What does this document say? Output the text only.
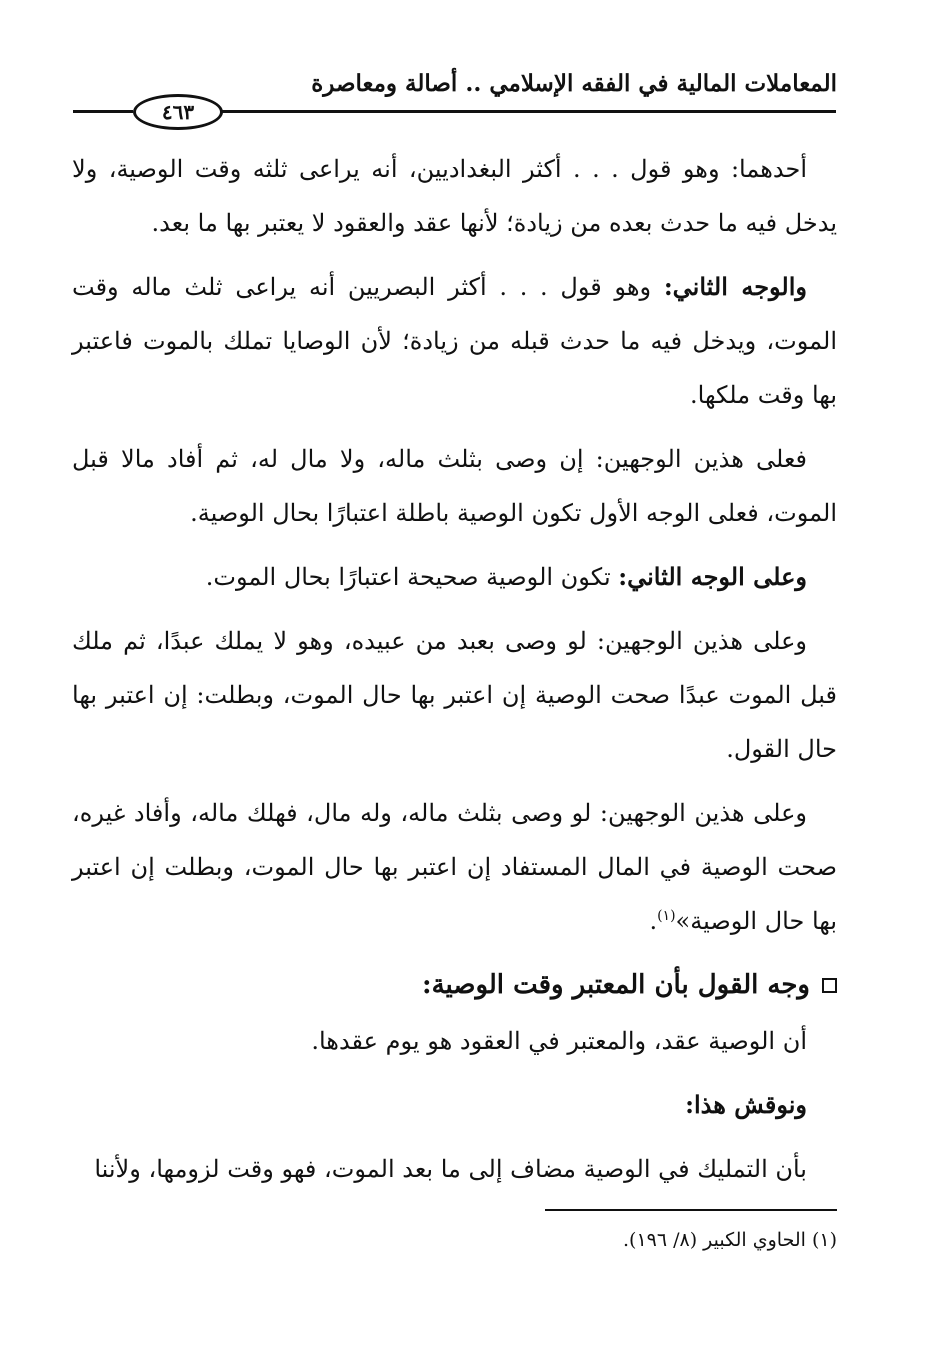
المعاملات المالية في الفقه الإسلامي .. أصالة ومعاصرة
٤٦٣

أحدهما: وهو قول . . . أكثر البغداديين، أنه يراعى ثلثه وقت الوصية، ولا يدخل فيه ما حدث بعده من زيادة؛ لأنها عقد والعقود لا يعتبر بها ما بعد.

والوجه الثاني: وهو قول . . . أكثر البصريين أنه يراعى ثلث ماله وقت الموت، ويدخل فيه ما حدث قبله من زيادة؛ لأن الوصايا تملك بالموت فاعتبر بها وقت ملكها.

فعلى هذين الوجهين: إن وصى بثلث ماله، ولا مال له، ثم أفاد مالا قبل الموت، فعلى الوجه الأول تكون الوصية باطلة اعتبارًا بحال الوصية.

وعلى الوجه الثاني: تكون الوصية صحيحة اعتبارًا بحال الموت.

وعلى هذين الوجهين: لو وصى بعبد من عبيده، وهو لا يملك عبدًا، ثم ملك قبل الموت عبدًا صحت الوصية إن اعتبر بها حال الموت، وبطلت: إن اعتبر بها حال القول.

وعلى هذين الوجهين: لو وصى بثلث ماله، وله مال، فهلك ماله، وأفاد غيره، صحت الوصية في المال المستفاد إن اعتبر بها حال الموت، وبطلت إن اعتبر بها حال الوصية»$^{(١)}$.

وجه القول بأن المعتبر وقت الوصية:

أن الوصية عقد، والمعتبر في العقود هو يوم عقدها.

ونوقش هذا:

بأن التمليك في الوصية مضاف إلى ما بعد الموت، فهو وقت لزومها، ولأننا

(١) الحاوي الكبير (٨/ ١٩٦).
